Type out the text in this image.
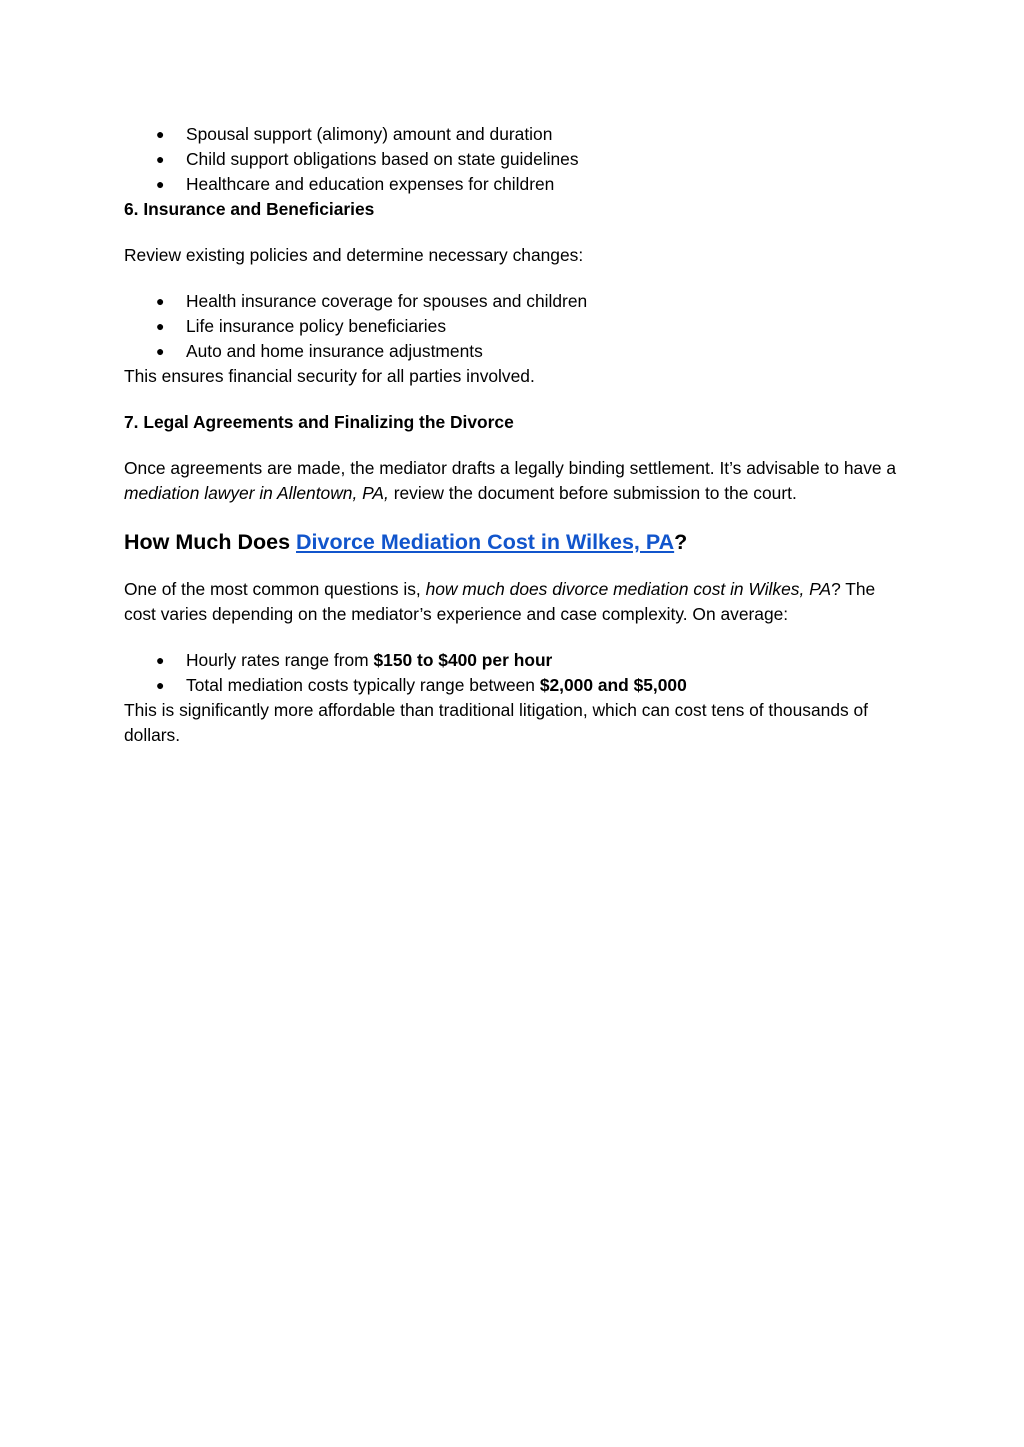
● Spousal support (alimony) amount and duration
● Child support obligations based on state guidelines
● Healthcare and education expenses for children
6. Insurance and Beneficiaries

Review existing policies and determine necessary changes:

● Health insurance coverage for spouses and children
● Life insurance policy beneficiaries
● Auto and home insurance adjustments

This ensures financial security for all parties involved.

7. Legal Agreements and Finalizing the Divorce

Once agreements are made, the mediator drafts a legally binding settlement. It’s advisable to have a mediation lawyer in Allentown, PA, review the document before submission to the court.

How Much Does Divorce Mediation Cost in Wilkes, PA?

One of the most common questions is, how much does divorce mediation cost in Wilkes, PA? The cost varies depending on the mediator’s experience and case complexity. On average:

● Hourly rates range from $150 to $400 per hour
● Total mediation costs typically range between $2,000 and $5,000

This is significantly more affordable than traditional litigation, which can cost tens of thousands of dollars.
